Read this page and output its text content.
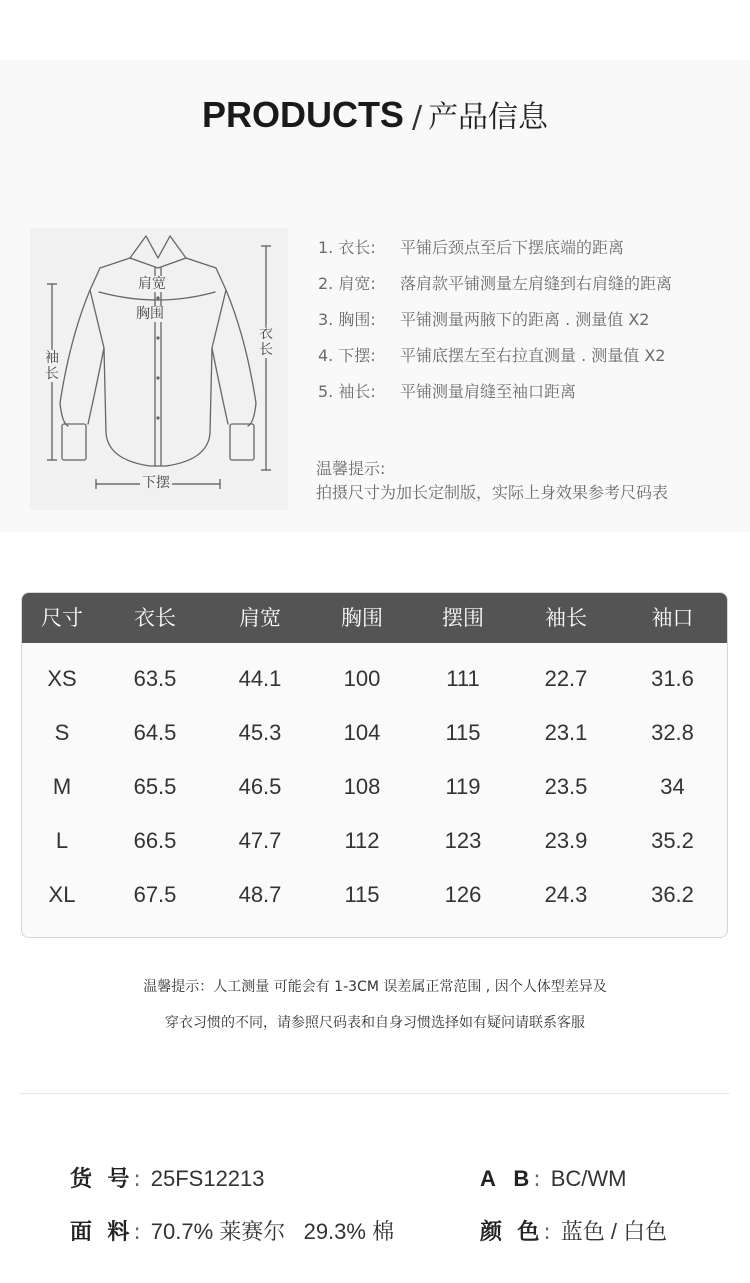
PRODUCTS / 产品信息
肩宽
胸围
衣长
袖长
下摆
1. 衣长: 平铺后颈点至后下摆底端的距离
2. 肩宽: 落肩款平铺测量左肩缝到右肩缝的距离
3. 胸围: 平铺测量两腋下的距离 . 测量值 X2
4. 下摆: 平铺底摆左至右拉直测量 . 测量值 X2
5. 袖长: 平铺测量肩缝至袖口距离
温馨提示:
拍摄尺寸为加长定制版，实际上身效果参考尺码表
尺寸	衣长	肩宽	胸围	摆围	袖长	袖口
XS	63.5	44.1	100	111	22.7	31.6
S	64.5	45.3	104	115	23.1	32.8
M	65.5	46.5	108	119	23.5	34
L	66.5	47.7	112	123	23.9	35.2
XL	67.5	48.7	115	126	24.3	36.2
温馨提示：人工测量 可能会有 1-3CM 误差属正常范围 , 因个人体型差异及
穿衣习惯的不同，请参照尺码表和自身习惯选择如有疑问请联系客服
货  号 : 25FS12213	A   B : BC/WM
面  料 : 70.7% 莱赛尔   29.3% 棉	颜  色 : 蓝色 / 白色
